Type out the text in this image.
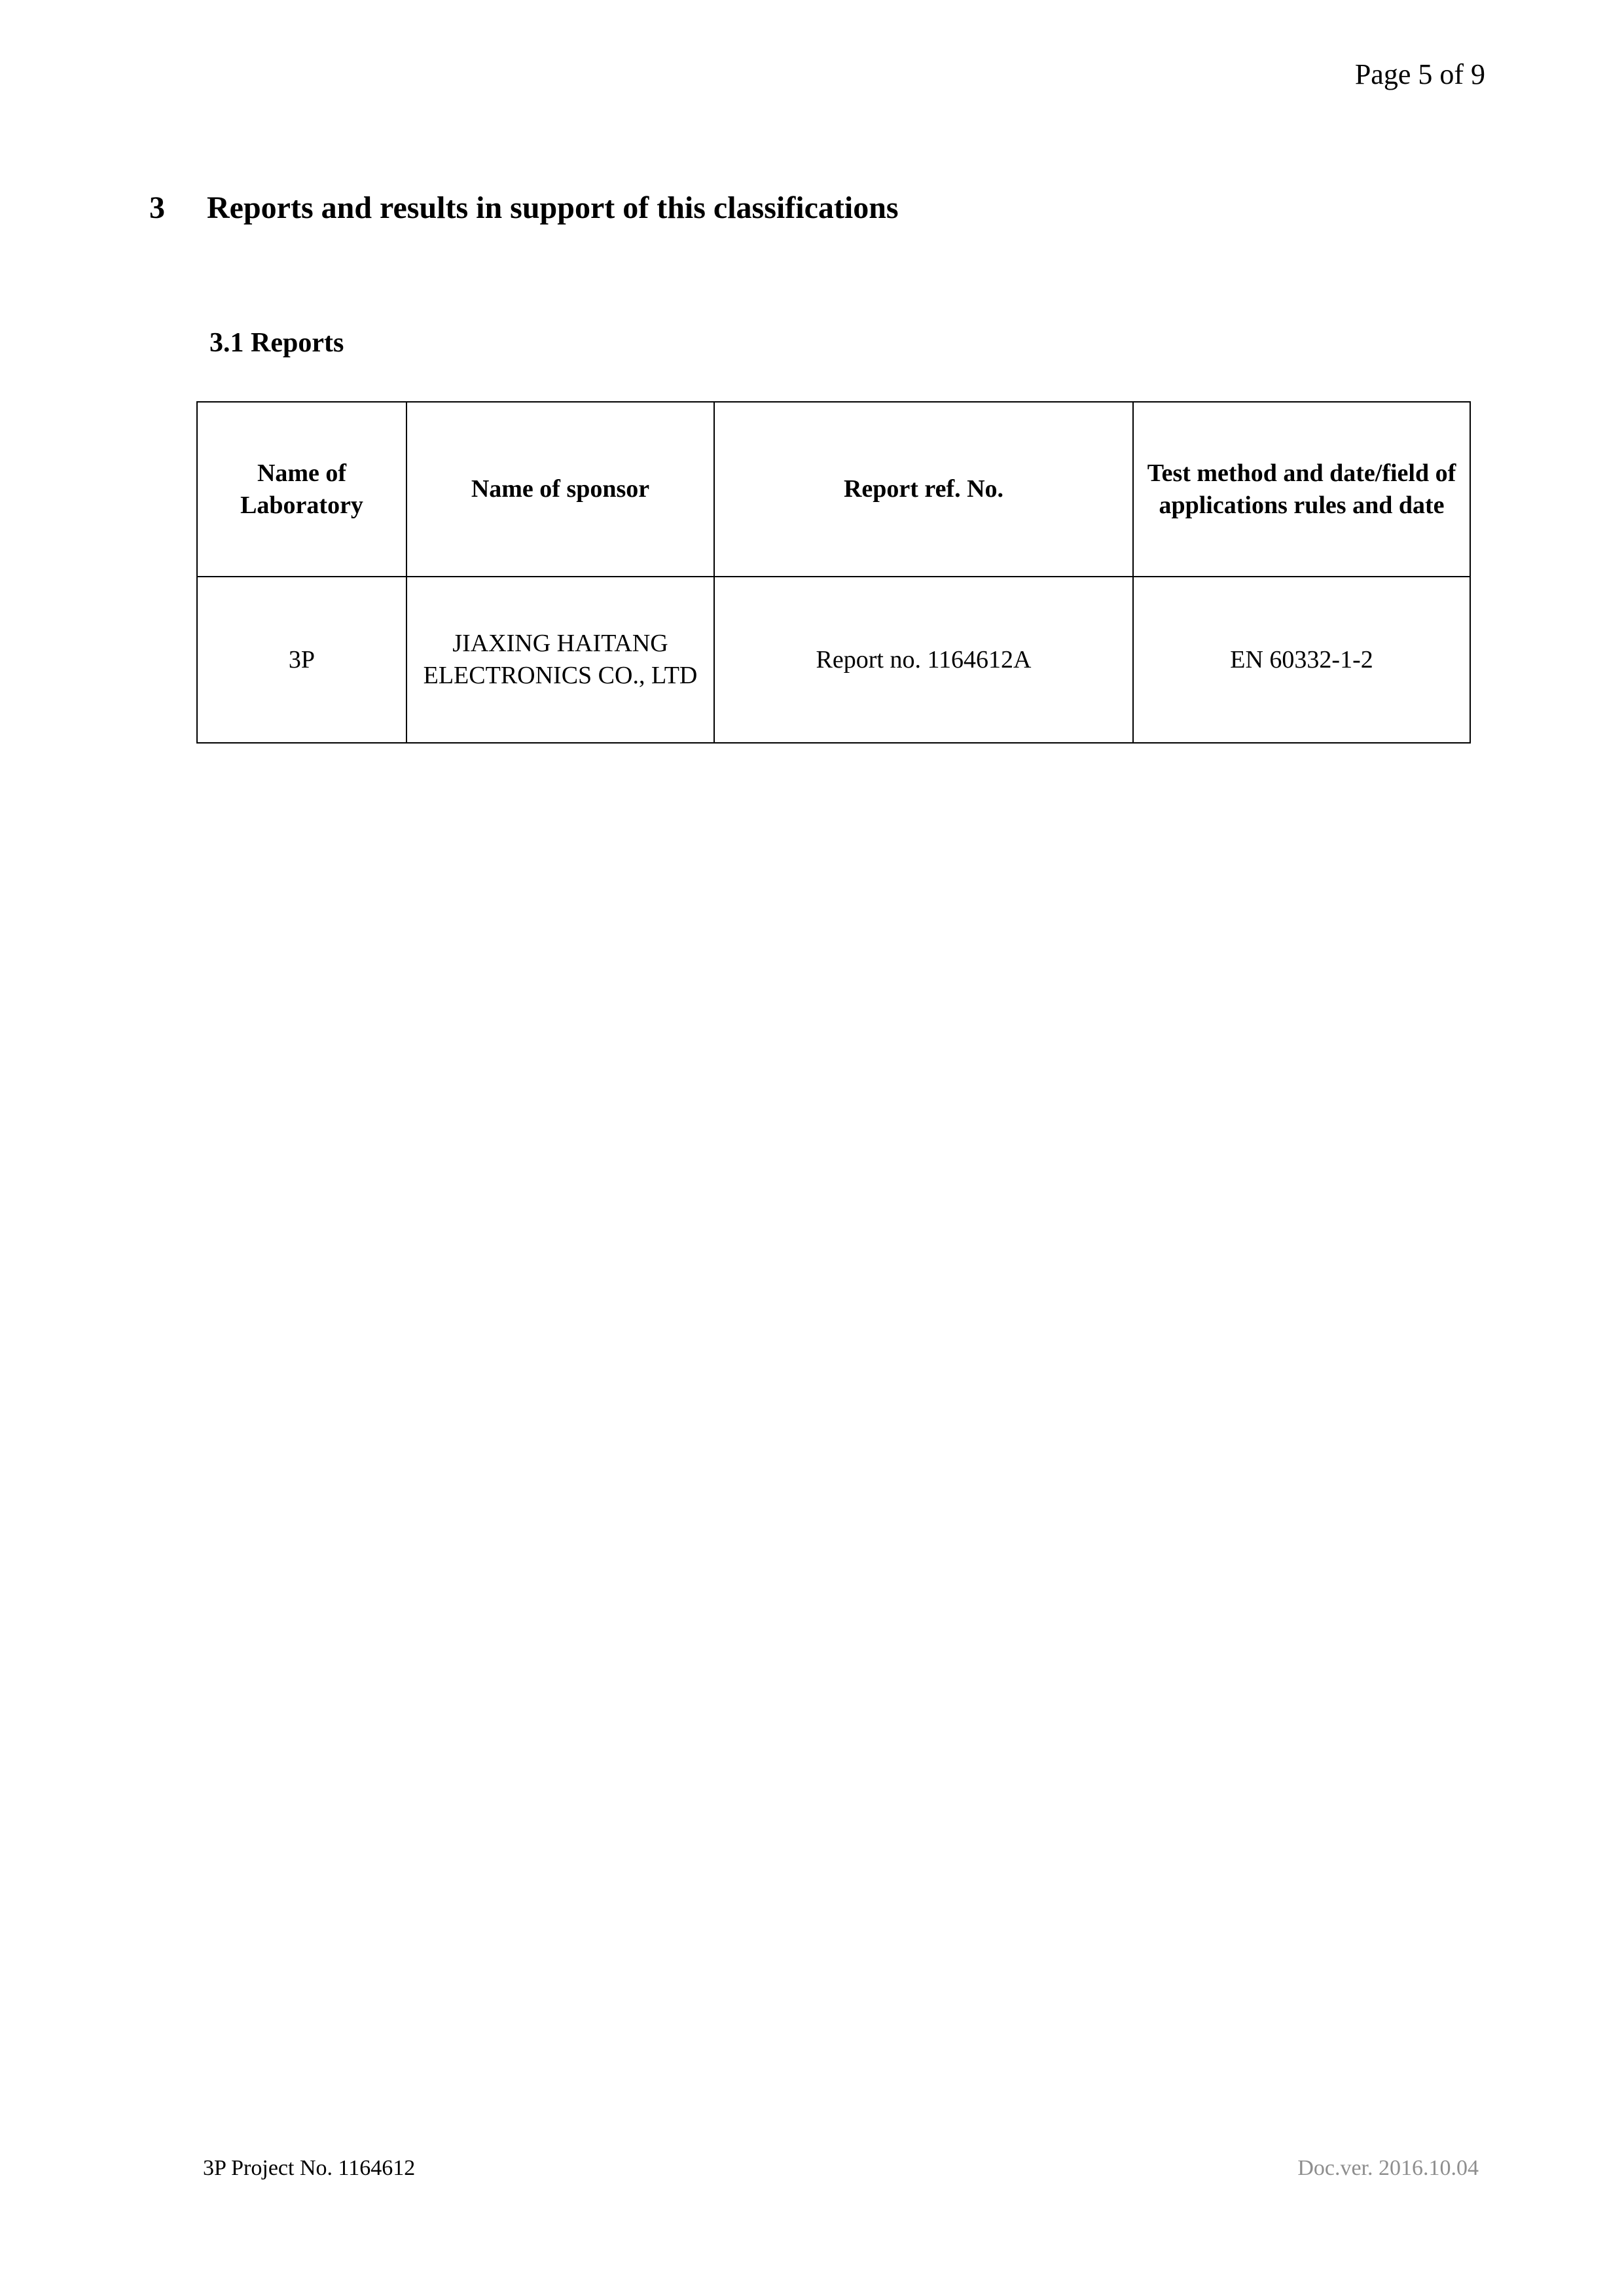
Page 5 of 9
3	Reports and results in support of this classifications
3.1 Reports
Name of Laboratory	Name of sponsor	Report ref. No.	Test method and date/field of applications rules and date
3P	JIAXING HAITANG ELECTRONICS CO., LTD	Report no. 1164612A	EN 60332-1-2
3P Project No. 1164612	Doc.ver. 2016.10.04
